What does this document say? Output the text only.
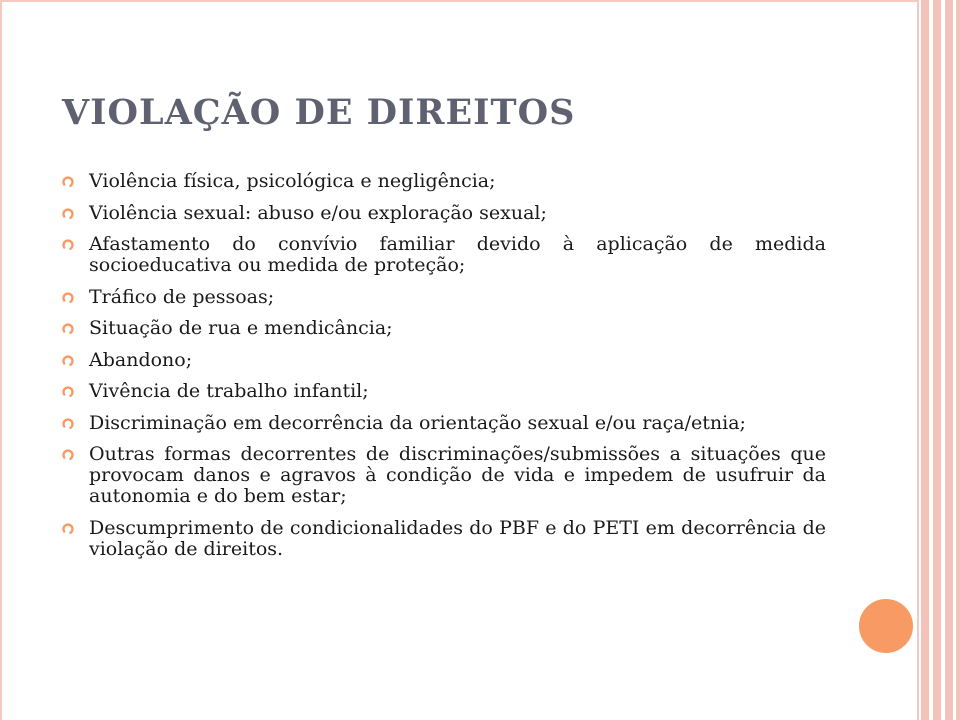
VIOLAÇÃO DE DIREITOS
Violência física, psicológica e negligência;
Violência sexual: abuso e/ou exploração sexual;
Afastamento do convívio familiar devido à aplicação de medida socioeducativa ou medida de proteção;
Tráfico de pessoas;
Situação de rua e mendicância;
Abandono;
Vivência de trabalho infantil;
Discriminação em decorrência da orientação sexual e/ou raça/etnia;
Outras formas decorrentes de discriminações/submissões a situações que provocam danos e agravos à condição de vida e impedem de usufruir da autonomia e do bem estar;
Descumprimento de condicionalidades do PBF e do PETI em decorrência de violação de direitos.
